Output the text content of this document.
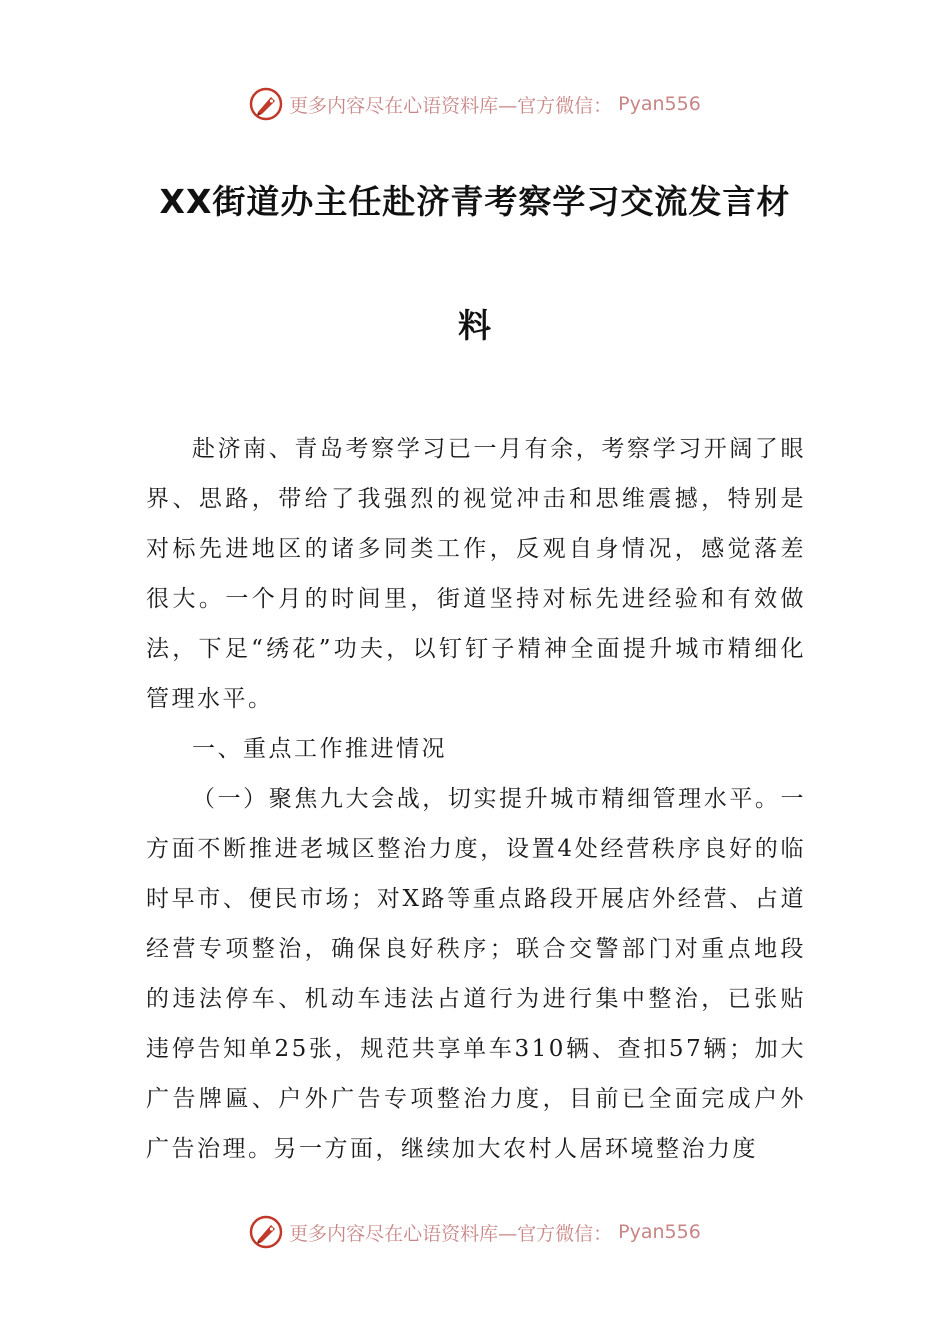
更多内容尽在心语资料库—官方微信： Pyan556
XX街道办主任赴济青考察学习交流发言材
料

赴济南、青岛考察学习已一月有余，考察学习开阔了眼界、思路，带给了我强烈的视觉冲击和思维震撼，特别是对标先进地区的诸多同类工作，反观自身情况，感觉落差很大。一个月的时间里，街道坚持对标先进经验和有效做法，下足“绣花”功夫，以钉钉子精神全面提升城市精细化管理水平。

一、重点工作推进情况

（一）聚焦九大会战，切实提升城市精细管理水平。一方面不断推进老城区整治力度，设置4处经营秩序良好的临时早市、便民市场；对X路等重点路段开展店外经营、占道经营专项整治，确保良好秩序；联合交警部门对重点地段的违法停车、机动车违法占道行为进行集中整治，已张贴违停告知单25张，规范共享单车310辆、查扣57辆；加大广告牌匾、户外广告专项整治力度，目前已全面完成户外广告治理。另一方面，继续加大农村人居环境整治力度

更多内容尽在心语资料库—官方微信： Pyan556
